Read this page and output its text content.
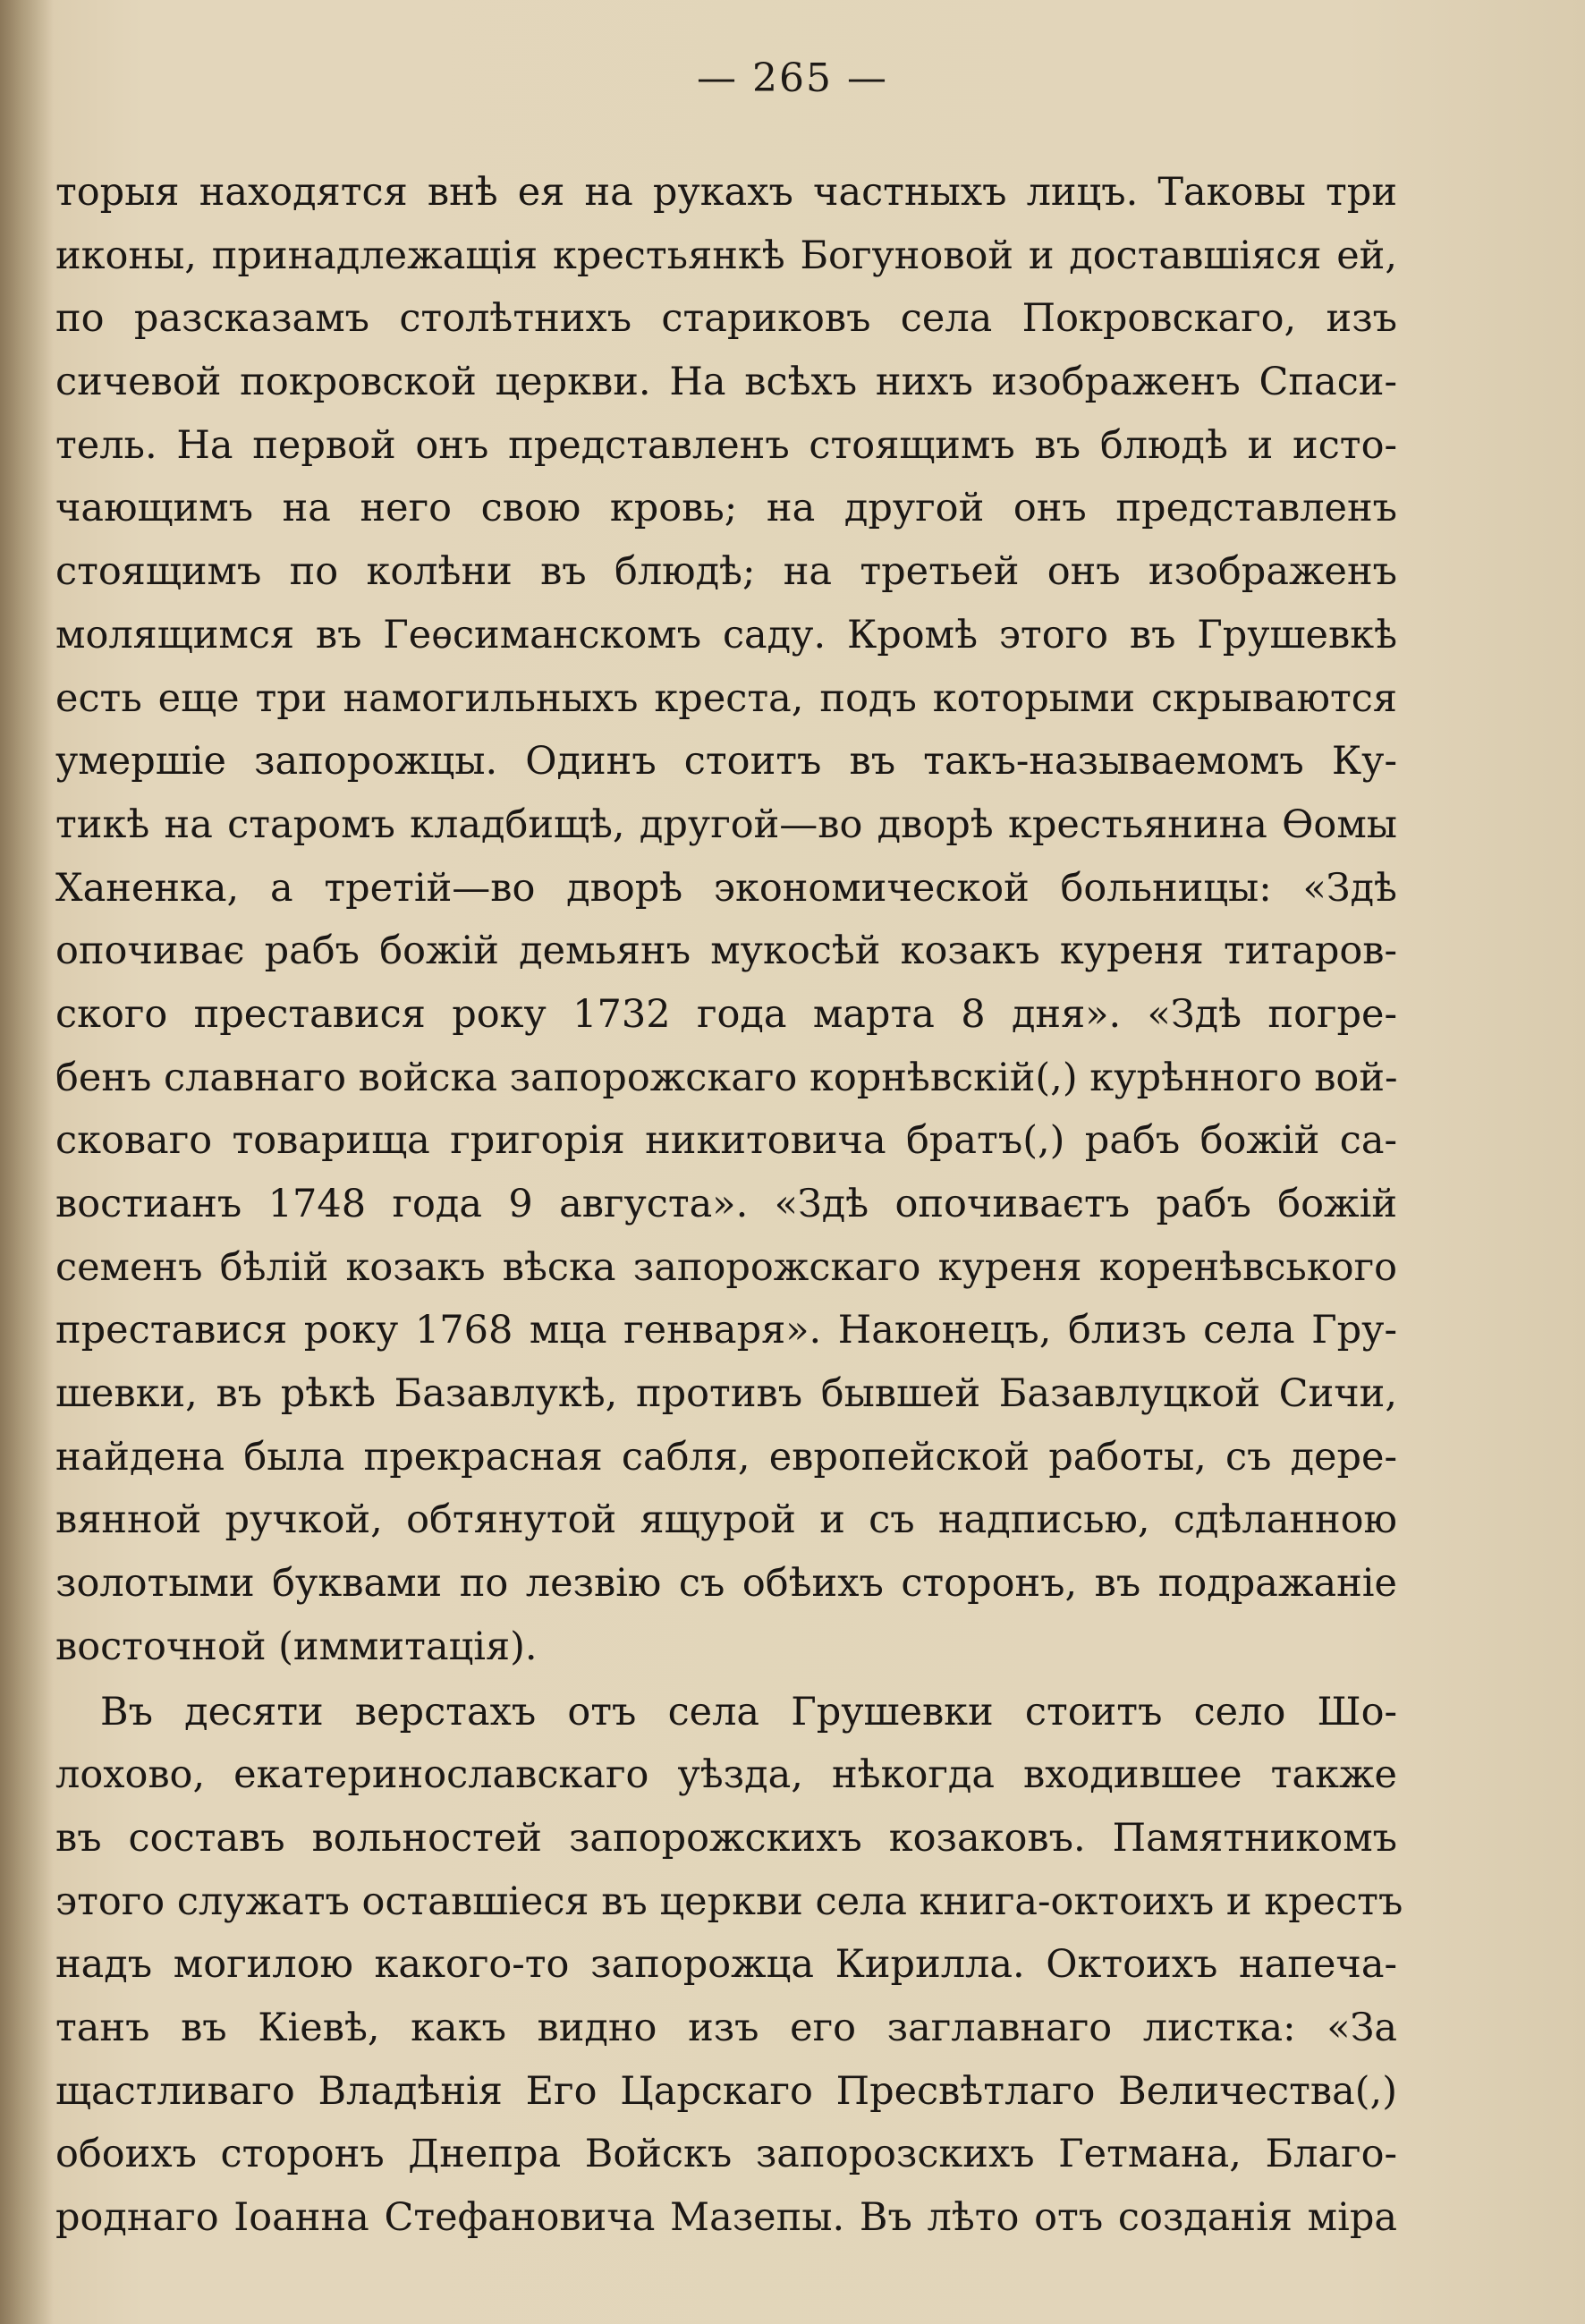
— 265 —
торыя находятся внѣ ея на рукахъ частныхъ лицъ. Таковы три
иконы, принадлежащія крестьянкѣ Богуновой и доставшіяся ей,
по разсказамъ столѣтнихъ стариковъ села Покровскаго, изъ
сичевой покровской церкви. На всѣхъ нихъ изображенъ Спаси-
тель. На первой онъ представленъ стоящимъ въ блюдѣ и исто-
чающимъ на него свою кровь; на другой онъ представленъ
стоящимъ по колѣни въ блюдѣ; на третьей онъ изображенъ
молящимся въ Геѳсиманскомъ саду. Кромѣ этого въ Грушевкѣ
есть еще три намогильныхъ креста, подъ которыми скрываются
умершіе запорожцы. Одинъ стоитъ въ такъ-называемомъ Ку-
тикѣ на старомъ кладбищѣ, другой—во дворѣ крестьянина Ѳомы
Ханенка, а третій—во дворѣ экономической больницы: «Здѣ
опочиває рабъ божій демьянъ мукосѣй козакъ куреня титаров-
ского преставися року 1732 года марта 8 дня». «Здѣ погре-
бенъ славнаго войска запорожскаго корнѣвскій(,) курѣнного вой-
сковаго товарища григорія никитовича братъ(,) рабъ божій са-
востианъ 1748 года 9 августа». «Здѣ опочиваєтъ рабъ божій
семенъ бѣлій козакъ вѣска запорожскаго куреня коренѣвського
преставися року 1768 мца генваря». Наконецъ, близъ села Гру-
шевки, въ рѣкѣ Базавлукѣ, противъ бывшей Базавлуцкой Сичи,
найдена была прекрасная сабля, европейской работы, съ дере-
вянной ручкой, обтянутой ящурой и съ надписью, сдѣланною
золотыми буквами по лезвію съ обѣихъ сторонъ, въ подражаніе
восточной (иммитація).
Въ десяти верстахъ отъ села Грушевки стоитъ село Шо-
лохово, екатеринославскаго уѣзда, нѣкогда входившее также
въ составъ вольностей запорожскихъ козаковъ. Памятникомъ
этого служатъ оставшіеся въ церкви села книга-октоихъ и крестъ
надъ могилою какого-то запорожца Кирилла. Октоихъ напеча-
танъ въ Кіевѣ, какъ видно изъ его заглавнаго листка: «За
щастливаго Владѣнія Его Царскаго Пресвѣтлаго Величества(,)
обоихъ сторонъ Днепра Войскъ запорозскихъ Гетмана, Благо-
роднаго Іоанна Стефановича Мазепы. Въ лѣто отъ созданія міра
